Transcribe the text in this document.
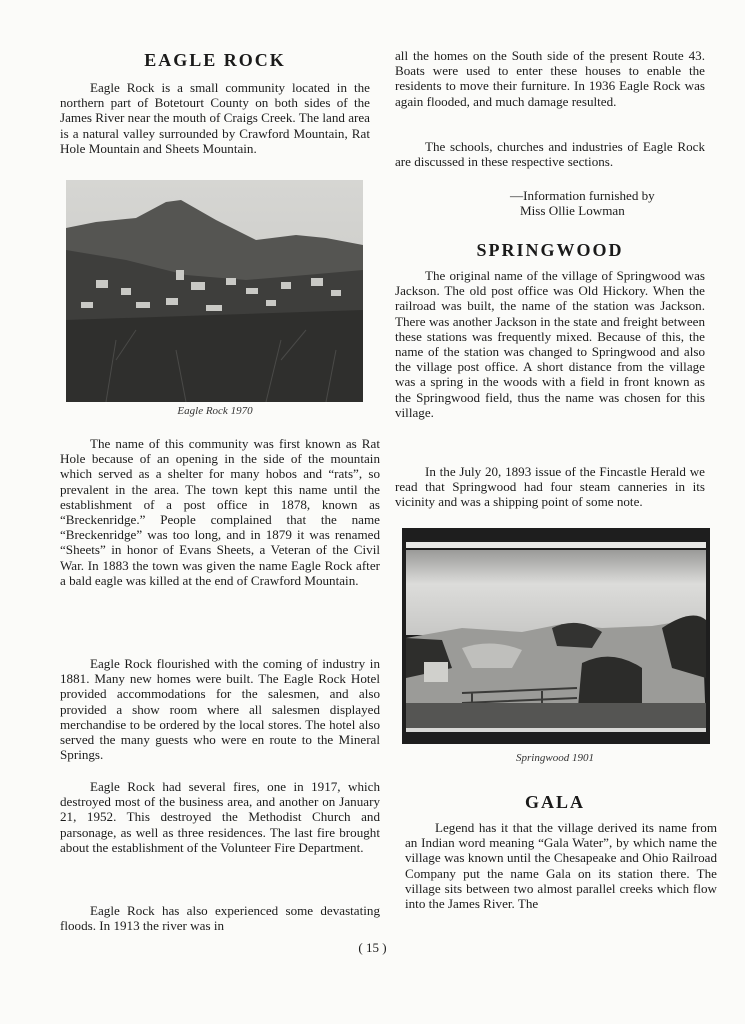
EAGLE ROCK

Eagle Rock is a small community located in the northern part of Botetourt County on both sides of the James River near the mouth of Craigs Creek. The land area is a natural valley surrounded by Crawford Mountain, Rat Hole Mountain and Sheets Mountain.

Eagle Rock 1970

The name of this community was first known as Rat Hole because of an opening in the side of the mountain which served as a shelter for many hobos and “rats”, so prevalent in the area. The town kept this name until the establishment of a post office in 1878, known as “Breckenridge.” People complained that the name “Breckenridge” was too long, and in 1879 it was renamed “Sheets” in honor of Evans Sheets, a Veteran of the Civil War. In 1883 the town was given the name Eagle Rock after a bald eagle was killed at the end of Crawford Mountain.

Eagle Rock flourished with the coming of industry in 1881. Many new homes were built. The Eagle Rock Hotel provided accommodations for the salesmen, and also provided a show room where all salesmen displayed merchandise to be ordered by the local stores. The hotel also served the many guests who were en route to the Mineral Springs.

Eagle Rock had several fires, one in 1917, which destroyed most of the business area, and another on January 21, 1952. This destroyed the Methodist Church and parsonage, as well as three residences. The last fire brought about the establishment of the Volunteer Fire Department.

Eagle Rock has also experienced some devastating floods. In 1913 the river was in

all the homes on the South side of the present Route 43. Boats were used to enter these houses to enable the residents to move their furniture. In 1936 Eagle Rock was again flooded, and much damage resulted.

The schools, churches and industries of Eagle Rock are discussed in these respective sections.

—Information furnished by
Miss Ollie Lowman
SPRINGWOOD

The original name of the village of Springwood was Jackson. The old post office was Old Hickory. When the railroad was built, the name of the station was Jackson. There was another Jackson in the state and freight between these stations was frequently mixed. Because of this, the name of the station was changed to Springwood and also the village post office. A short distance from the village was a spring in the woods with a field in front known as the Springwood field, thus the name was chosen for this village.

In the July 20, 1893 issue of the Fincastle Herald we read that Springwood had four steam canneries in its vicinity and was a shipping point of some note.

Springwood 1901
GALA

Legend has it that the village derived its name from an Indian word meaning “Gala Water”, by which name the village was known until the Chesapeake and Ohio Railroad Company put the name Gala on its station there. The village sits between two almost parallel creeks which flow into the James River. The

( 15 )
